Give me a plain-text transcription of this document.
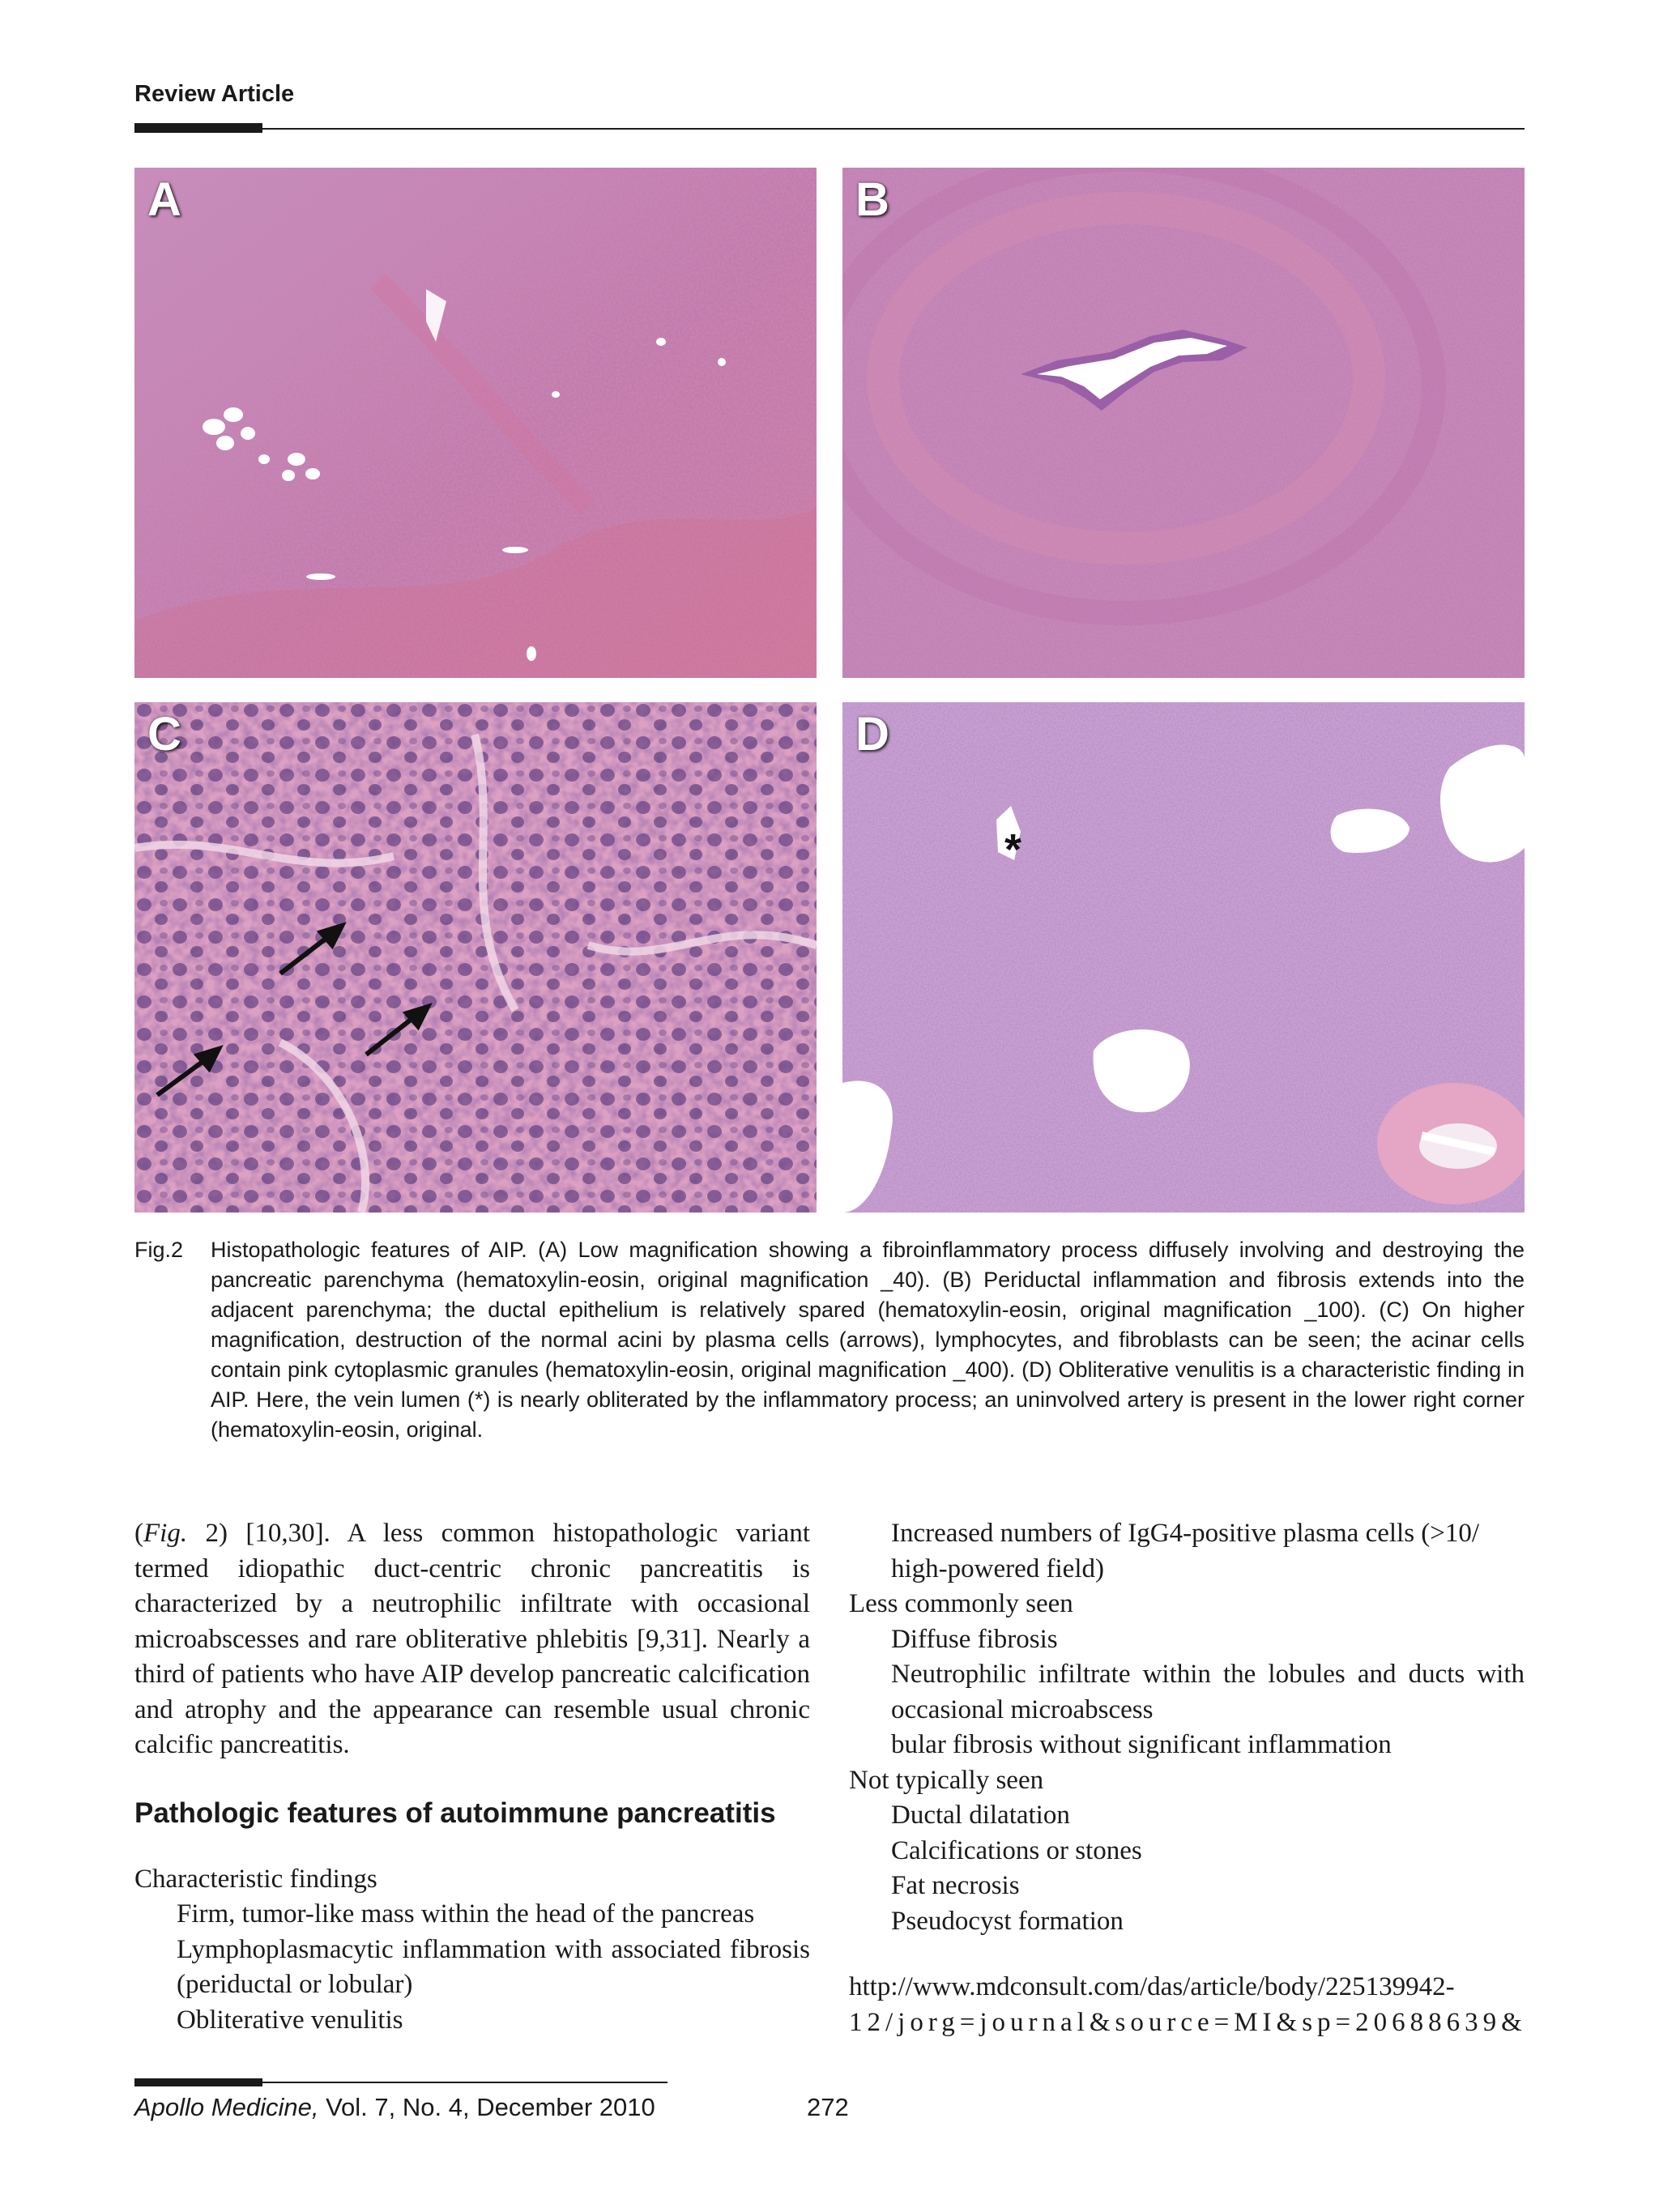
Review Article
A	B
C
*
D
Fig.2 Histopathologic features of AIP. (A) Low magnification showing a fibroinflammatory process diffusely involving and destroying the pancreatic parenchyma (hematoxylin-eosin, original magnification _40). (B) Periductal inflammation and fibrosis extends into the adjacent parenchyma; the ductal epithelium is relatively spared (hematoxylin-eosin, original magnification _100). (C) On higher magnification, destruction of the normal acini by plasma cells (arrows), lymphocytes, and fibroblasts can be seen; the acinar cells contain pink cytoplasmic granules (hematoxylin-eosin, original magnification _400). (D) Obliterative venulitis is a characteristic finding in AIP. Here, the vein lumen (*) is nearly obliterated by the inflammatory process; an uninvolved artery is present in the lower right corner (hematoxylin-eosin, original.
(Fig. 2) [10,30]. A less common histopathologic variant termed idiopathic duct-centric chronic pancreatitis is characterized by a neutrophilic infiltrate with occasional microabscesses and rare obliterative phlebitis [9,31]. Nearly a third of patients who have AIP develop pancreatic calcification and atrophy and the appearance can resemble usual chronic calcific pancreatitis.
Pathologic features of autoimmune pancreatitis
Characteristic findings
Firm, tumor-like mass within the head of the pancreas
Lymphoplasmacytic inflammation with associated fibrosis (periductal or lobular)
Obliterative venulitis
Increased numbers of IgG4-positive plasma cells (>10/ high-powered field)
Less commonly seen
Diffuse fibrosis
Neutrophilic infiltrate within the lobules and ducts with occasional microabscess
bular fibrosis without significant inflammation
Not typically seen
Ductal dilatation
Calcifications or stones
Fat necrosis
Pseudocyst formation
http://www.mdconsult.com/das/article/body/225139942-
12/jorg=journal&source=MI&sp=20688639&
Apollo Medicine, Vol. 7, No. 4, December 2010	272
